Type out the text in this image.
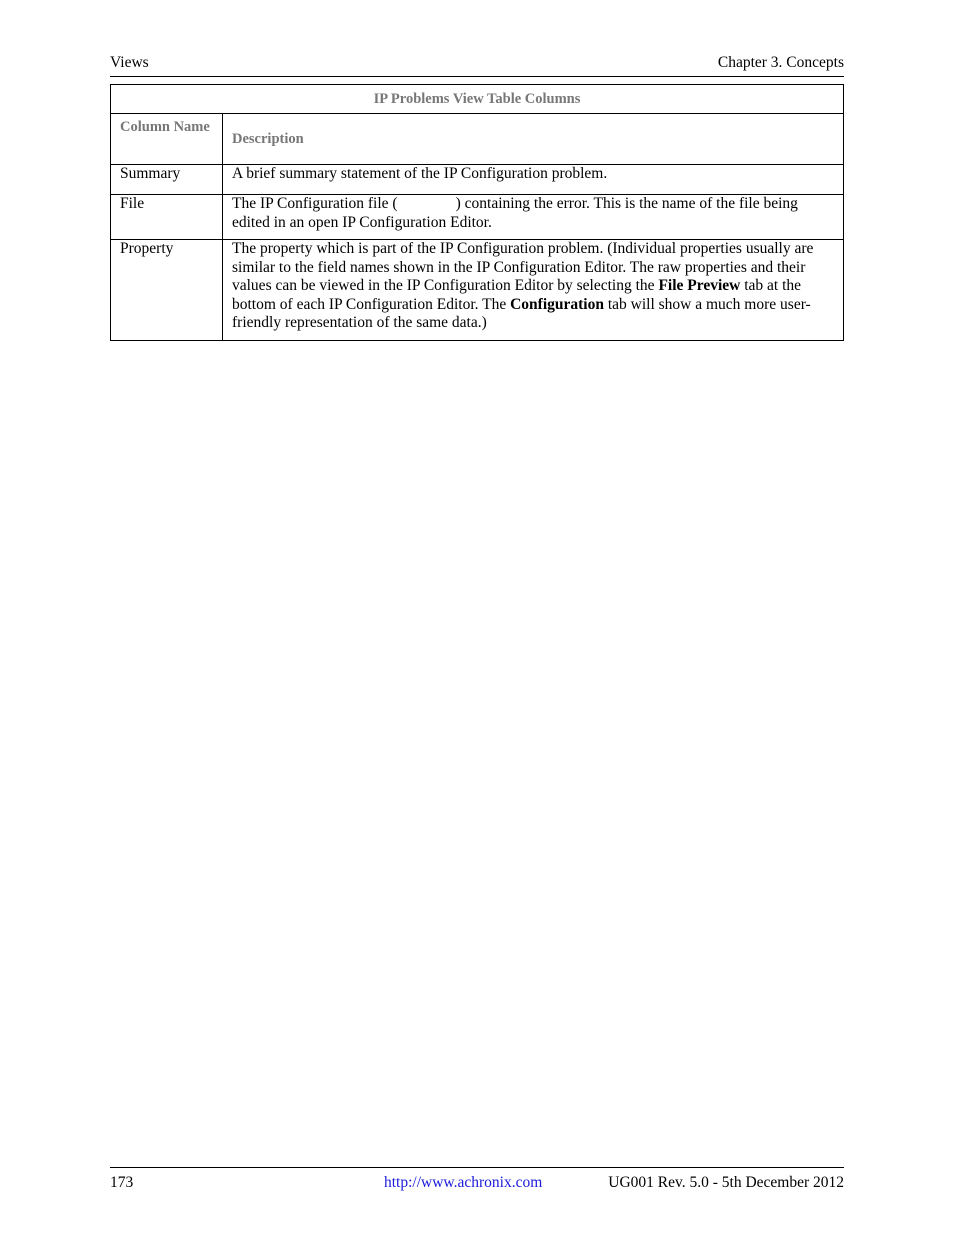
Views	Chapter 3. Concepts
IP Problems View Table Columns	
Column Name	Description
Summary	A brief summary statement of the IP Configuration problem.
File	The IP Configuration file ( ) containing the error. This is the name of the file being edited in an open IP Configuration Editor.
Property	The property which is part of the IP Configuration problem. (Individual properties usually are similar to the field names shown in the IP Configuration Editor. The raw properties and their values can be viewed in the IP Configuration Editor by selecting the File Preview tab at the bottom of each IP Configuration Editor. The Configuration tab will show a much more user-friendly representation of the same data.)
173	http://www.achronix.com	UG001 Rev. 5.0 - 5th December 2012
